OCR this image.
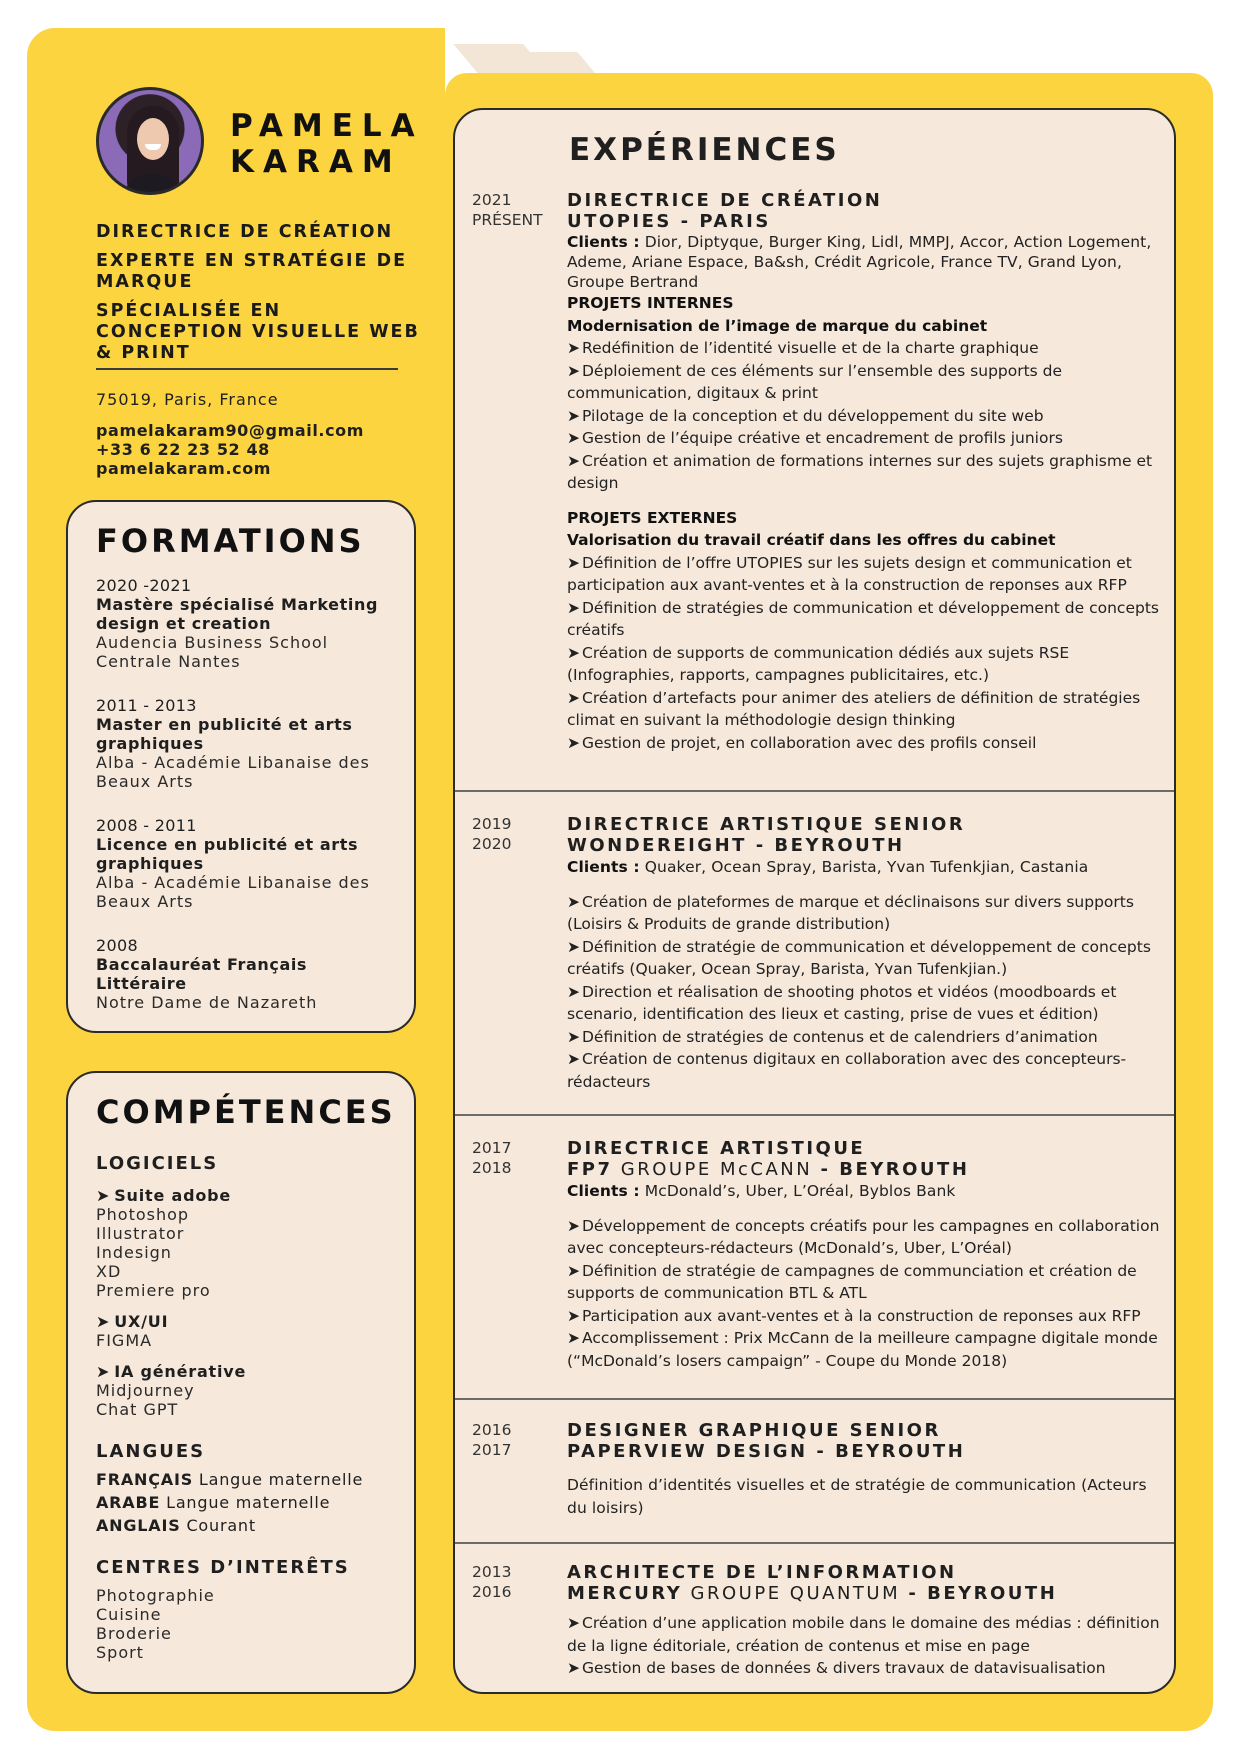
PAMELA
KARAM
DIRECTRICE DE CRÉATION
EXPERTE EN STRATÉGIE DE MARQUE
SPÉCIALISÉE EN CONCEPTION VISUELLE WEB & PRINT
75019, Paris, France
pamelakaram90@gmail.com
+33 6 22 23 52 48
pamelakaram.com
FORMATIONS
2020 -2021
Mastère spécialisé Marketing design et creation
Audencia Business School Centrale Nantes
2011 - 2013
Master en publicité et arts graphiques
Alba - Académie Libanaise des Beaux Arts
2008 - 2011
Licence en publicité et arts graphiques
Alba - Académie Libanaise des Beaux Arts
2008
Baccalauréat Français Littéraire
Notre Dame de Nazareth
COMPÉTENCES
LOGICIELS
➤ Suite adobe
Photoshop
Illustrator
Indesign
XD
Premiere pro
➤ UX/UI
FIGMA
➤ IA générative
Midjourney
Chat GPT
LANGUES
FRANÇAIS Langue maternelle
ARABE Langue maternelle
ANGLAIS Courant
CENTRES D’INTERÊTS
Photographie
Cuisine
Broderie
Sport
EXPÉRIENCES
2021
PRÉSENT
DIRECTRICE DE CRÉATION
UTOPIES - PARIS
Clients : Dior, Diptyque, Burger King, Lidl, MMPJ, Accor, Action Logement, Ademe, Ariane Espace, Ba&sh, Crédit Agricole, France TV, Grand Lyon, Groupe Bertrand
PROJETS INTERNES
Modernisation de l’image de marque du cabinet
➤ Redéfinition de l’identité visuelle et de la charte graphique
➤ Déploiement de ces éléments sur l’ensemble des supports de communication, digitaux & print
➤ Pilotage de la conception et du développement du site web
➤ Gestion de l’équipe créative et encadrement de profils juniors
➤ Création et animation de formations internes sur des sujets graphisme et design
PROJETS EXTERNES
Valorisation du travail créatif dans les offres du cabinet
➤ Définition de l’offre UTOPIES sur les sujets design et communication et participation aux avant-ventes et à la construction de reponses aux RFP
➤ Définition de stratégies de communication et développement de concepts créatifs
➤ Création de supports de communication dédiés aux sujets RSE (Infographies, rapports, campagnes publicitaires, etc.)
➤ Création d’artefacts pour animer des ateliers de définition de stratégies climat en suivant la méthodologie design thinking
➤ Gestion de projet, en collaboration avec des profils conseil
2019
2020
DIRECTRICE ARTISTIQUE SENIOR
WONDEREIGHT - BEYROUTH
Clients : Quaker, Ocean Spray, Barista, Yvan Tufenkjian, Castania
➤ Création de plateformes de marque et déclinaisons sur divers supports (Loisirs & Produits de grande distribution)
➤ Définition de stratégie de communication et développement de concepts créatifs (Quaker, Ocean Spray, Barista, Yvan Tufenkjian.)
➤ Direction et réalisation de shooting photos et vidéos (moodboards et scenario, identification des lieux et casting, prise de vues et édition)
➤ Définition de stratégies de contenus et de calendriers d’animation
➤ Création de contenus digitaux en collaboration avec des concepteurs-rédacteurs
2017
2018
DIRECTRICE ARTISTIQUE
FP7 GROUPE McCANN - BEYROUTH
Clients : McDonald’s, Uber, L’Oréal, Byblos Bank
➤ Développement de concepts créatifs pour les campagnes en collaboration avec concepteurs-rédacteurs (McDonald’s, Uber, L’Oréal)
➤ Définition de stratégie de campagnes de communciation et création de supports de communication BTL & ATL
➤ Participation aux avant-ventes et à la construction de reponses aux RFP
➤ Accomplissement : Prix McCann de la meilleure campagne digitale monde (“McDonald’s losers campaign” - Coupe du Monde 2018)
2016
2017
DESIGNER GRAPHIQUE SENIOR
PAPERVIEW DESIGN - BEYROUTH
Définition d’identités visuelles et de stratégie de communication (Acteurs du loisirs)
2013
2016
ARCHITECTE DE L’INFORMATION
MERCURY GROUPE QUANTUM - BEYROUTH
➤ Création d’une application mobile dans le domaine des médias : définition de la ligne éditoriale, création de contenus et mise en page
➤ Gestion de bases de données & divers travaux de datavisualisation
